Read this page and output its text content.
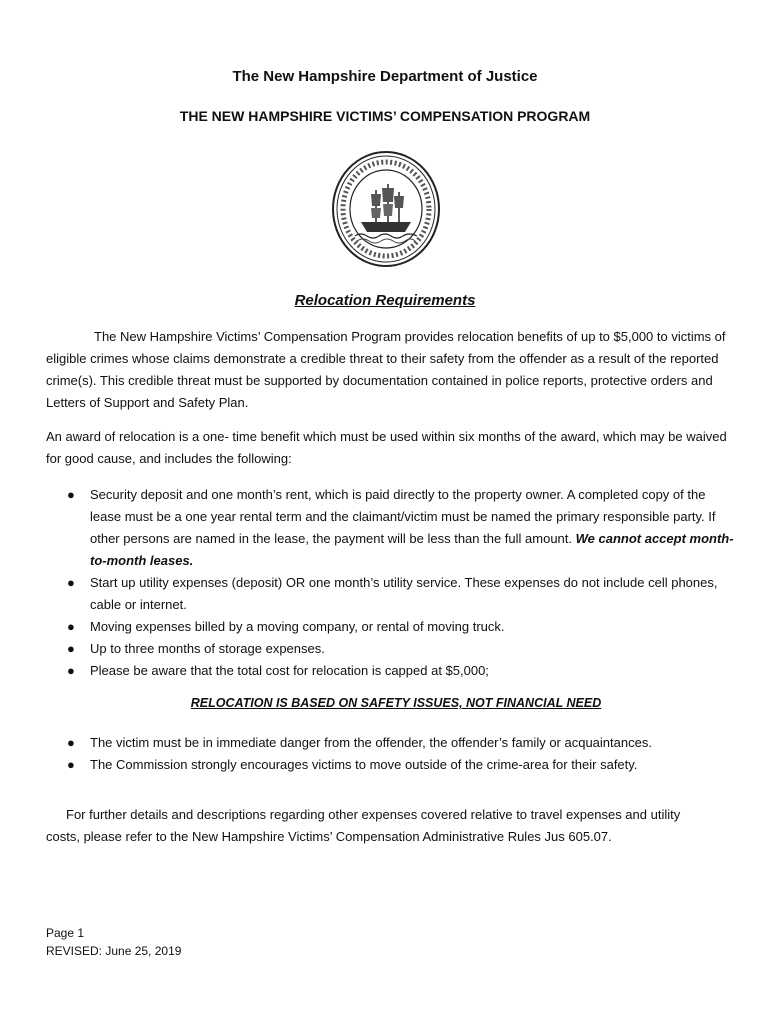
The New Hampshire Department of Justice
THE NEW HAMPSHIRE VICTIMS’ COMPENSATION PROGRAM
Relocation Requirements
The New Hampshire Victims’ Compensation Program provides relocation benefits of up to $5,000 to victims of eligible crimes whose claims demonstrate a credible threat to their safety from the offender as a result of the reported crime(s). This credible threat must be supported by documentation contained in police reports, protective orders and Letters of Support and Safety Plan.
An award of relocation is a one- time benefit which must be used within six months of the award, which may be waived for good cause, and includes the following:
● Security deposit and one month’s rent, which is paid directly to the property owner. A completed copy of the lease must be a one year rental term and the claimant/victim must be named the primary responsible party. If other persons are named in the lease, the payment will be less than the full amount. We cannot accept month-to-month leases.
● Start up utility expenses (deposit) OR one month’s utility service. These expenses do not include cell phones, cable or internet.
● Moving expenses billed by a moving company, or rental of moving truck.
● Up to three months of storage expenses.
● Please be aware that the total cost for relocation is capped at $5,000;
RELOCATION IS BASED ON SAFETY ISSUES, NOT FINANCIAL NEED
● The victim must be in immediate danger from the offender, the offender’s family or acquaintances.
● The Commission strongly encourages victims to move outside of the crime-area for their safety.
For further details and descriptions regarding other expenses covered relative to travel expenses and utility costs, please refer to the New Hampshire Victims’ Compensation Administrative Rules Jus 605.07.
Page 1
REVISED: June 25, 2019
